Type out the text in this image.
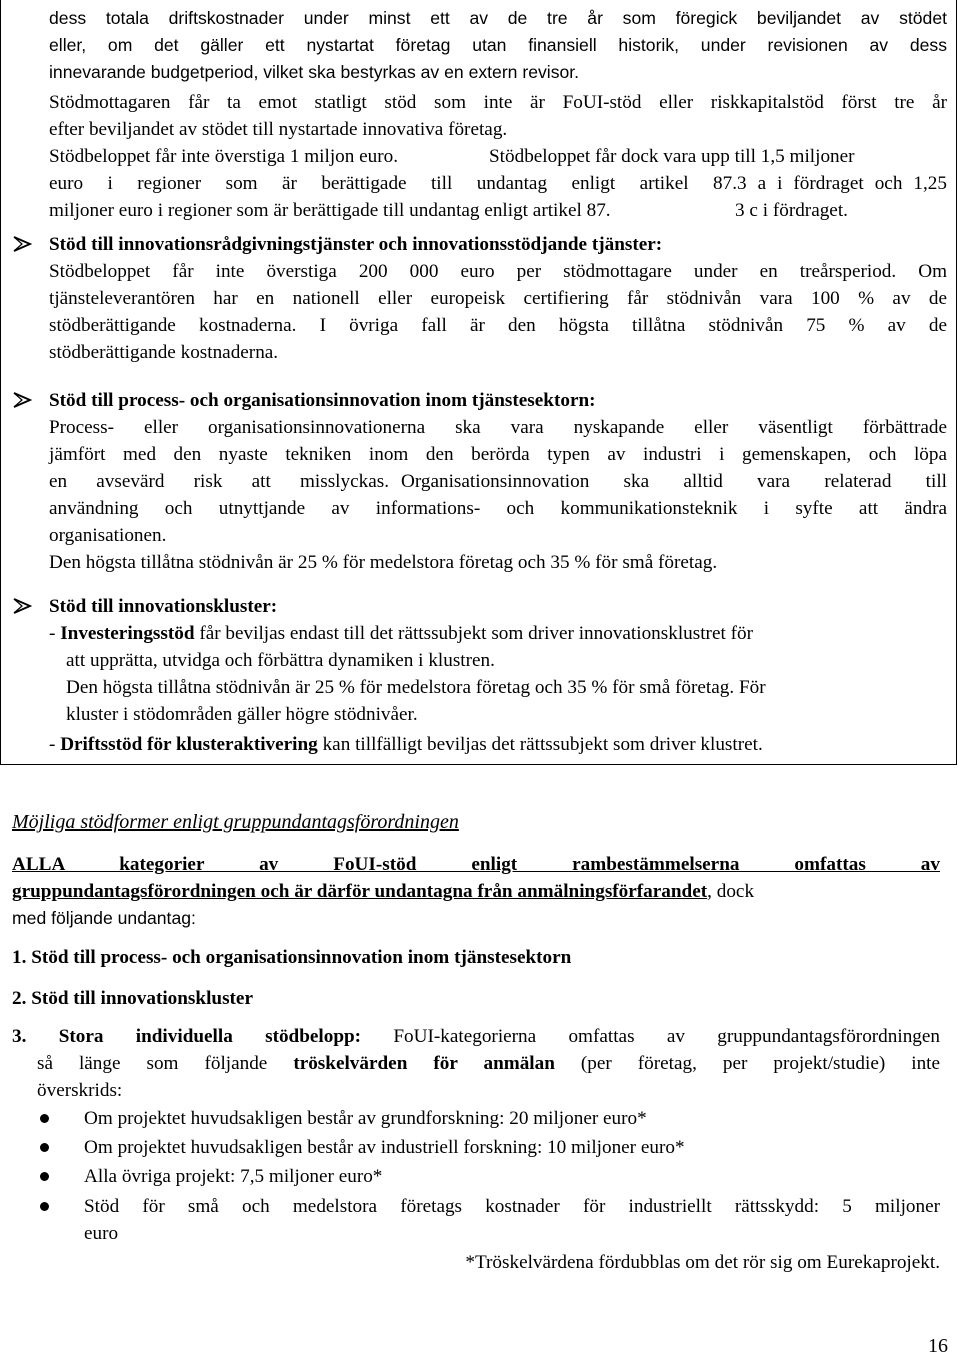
dess totala driftskostnader under minst ett av de tre år som föregick beviljandet av stödet
eller, om det gäller ett nystartat företag utan finansiell historik, under revisionen av dess
innevarande budgetperiod, vilket ska bestyrkas av en extern revisor.
Stödmottagaren får ta emot statligt stöd som inte är FoUI-stöd eller riskkapitalstöd först tre år
efter beviljandet av stödet till nystartade innovativa företag.
Stödbeloppet får inte överstiga 1 miljon euro.	Stödbeloppet får dock vara upp till 1,5 miljoner
euro i regioner som är berättigade till undantag enligt artikel 87. 3 a i fördraget och 1,25
miljoner euro i regioner som är berättigade till undantag enligt artikel 87.	3 c i fördraget.
Stöd till innovationsrådgivningstjänster och innovationsstödjande tjänster:
Stödbeloppet får inte överstiga 200 000 euro per stödmottagare under en treårsperiod. Om
tjänsteleverantören har en nationell eller europeisk certifiering får stödnivån vara 100 % av de
stödberättigande kostnaderna. I övriga fall är den högsta tillåtna stödnivån 75 % av de
stödberättigande kostnaderna.
Stöd till process- och organisationsinnovation inom tjänstesektorn:
Process- eller organisationsinnovationerna ska vara nyskapande eller väsentligt förbättrade
jämfört med den nyaste tekniken inom den berörda typen av industri i gemenskapen, och löpa
en avsevärd risk att misslyckas. Organisationsinnovation ska alltid vara relaterad till
användning och utnyttjande av informations- och kommunikationsteknik i syfte att ändra
organisationen.
Den högsta tillåtna stödnivån är 25 % för medelstora företag och 35 % för små företag.
Stöd till innovationskluster:
- Investeringsstöd får beviljas endast till det rättssubjekt som driver innovationsklustret för
att upprätta, utvidga och förbättra dynamiken i klustren.
Den högsta tillåtna stödnivån är 25 % för medelstora företag och 35 % för små företag. För
kluster i stödområden gäller högre stödnivåer.
- Driftsstöd för klusteraktivering kan tillfälligt beviljas det rättssubjekt som driver klustret.
Möjliga stödformer enligt gruppundantagsförordningen
ALLA kategorier av FoUI-stöd enligt rambestämmelserna omfattas av
gruppundantagsförordningen och är därför undantagna från anmälningsförfarandet, dock
med följande undantag:
1. Stöd till process- och organisationsinnovation inom tjänstesektorn
2. Stöd till innovationskluster
3. Stora individuella stödbelopp: FoUI-kategorierna omfattas av gruppundantagsförordningen
så länge som följande tröskelvärden för anmälan (per företag, per projekt/studie) inte
överskrids:
Om projektet huvudsakligen består av grundforskning: 20 miljoner euro*
Om projektet huvudsakligen består av industriell forskning: 10 miljoner euro*
Alla övriga projekt: 7,5 miljoner euro*
Stöd för små och medelstora företags kostnader för industriellt rättsskydd: 5 miljoner
euro
*Tröskelvärdena fördubblas om det rör sig om Eurekaprojekt.
16
